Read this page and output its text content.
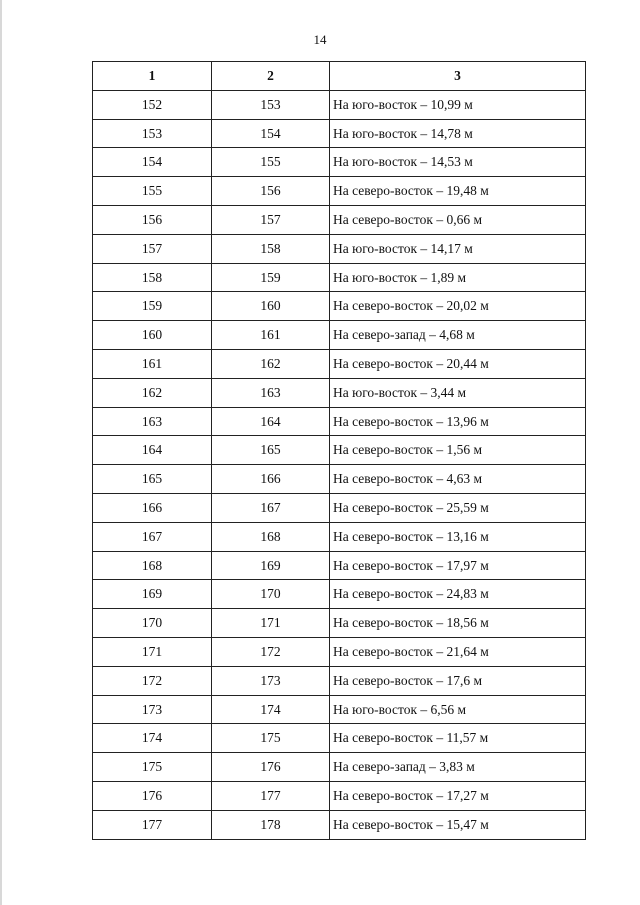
14
1	2	3
152	153	На юго-восток – 10,99 м
153	154	На юго-восток – 14,78 м
154	155	На юго-восток – 14,53 м
155	156	На северо-восток – 19,48 м
156	157	На северо-восток – 0,66 м
157	158	На юго-восток – 14,17 м
158	159	На юго-восток – 1,89 м
159	160	На северо-восток – 20,02 м
160	161	На северо-запад – 4,68 м
161	162	На северо-восток – 20,44 м
162	163	На юго-восток – 3,44 м
163	164	На северо-восток – 13,96 м
164	165	На северо-восток – 1,56 м
165	166	На северо-восток – 4,63 м
166	167	На северо-восток – 25,59 м
167	168	На северо-восток – 13,16 м
168	169	На северо-восток – 17,97 м
169	170	На северо-восток – 24,83 м
170	171	На северо-восток – 18,56 м
171	172	На северо-восток – 21,64 м
172	173	На северо-восток – 17,6 м
173	174	На юго-восток – 6,56 м
174	175	На северо-восток – 11,57 м
175	176	На северо-запад – 3,83 м
176	177	На северо-восток – 17,27 м
177	178	На северо-восток – 15,47 м
